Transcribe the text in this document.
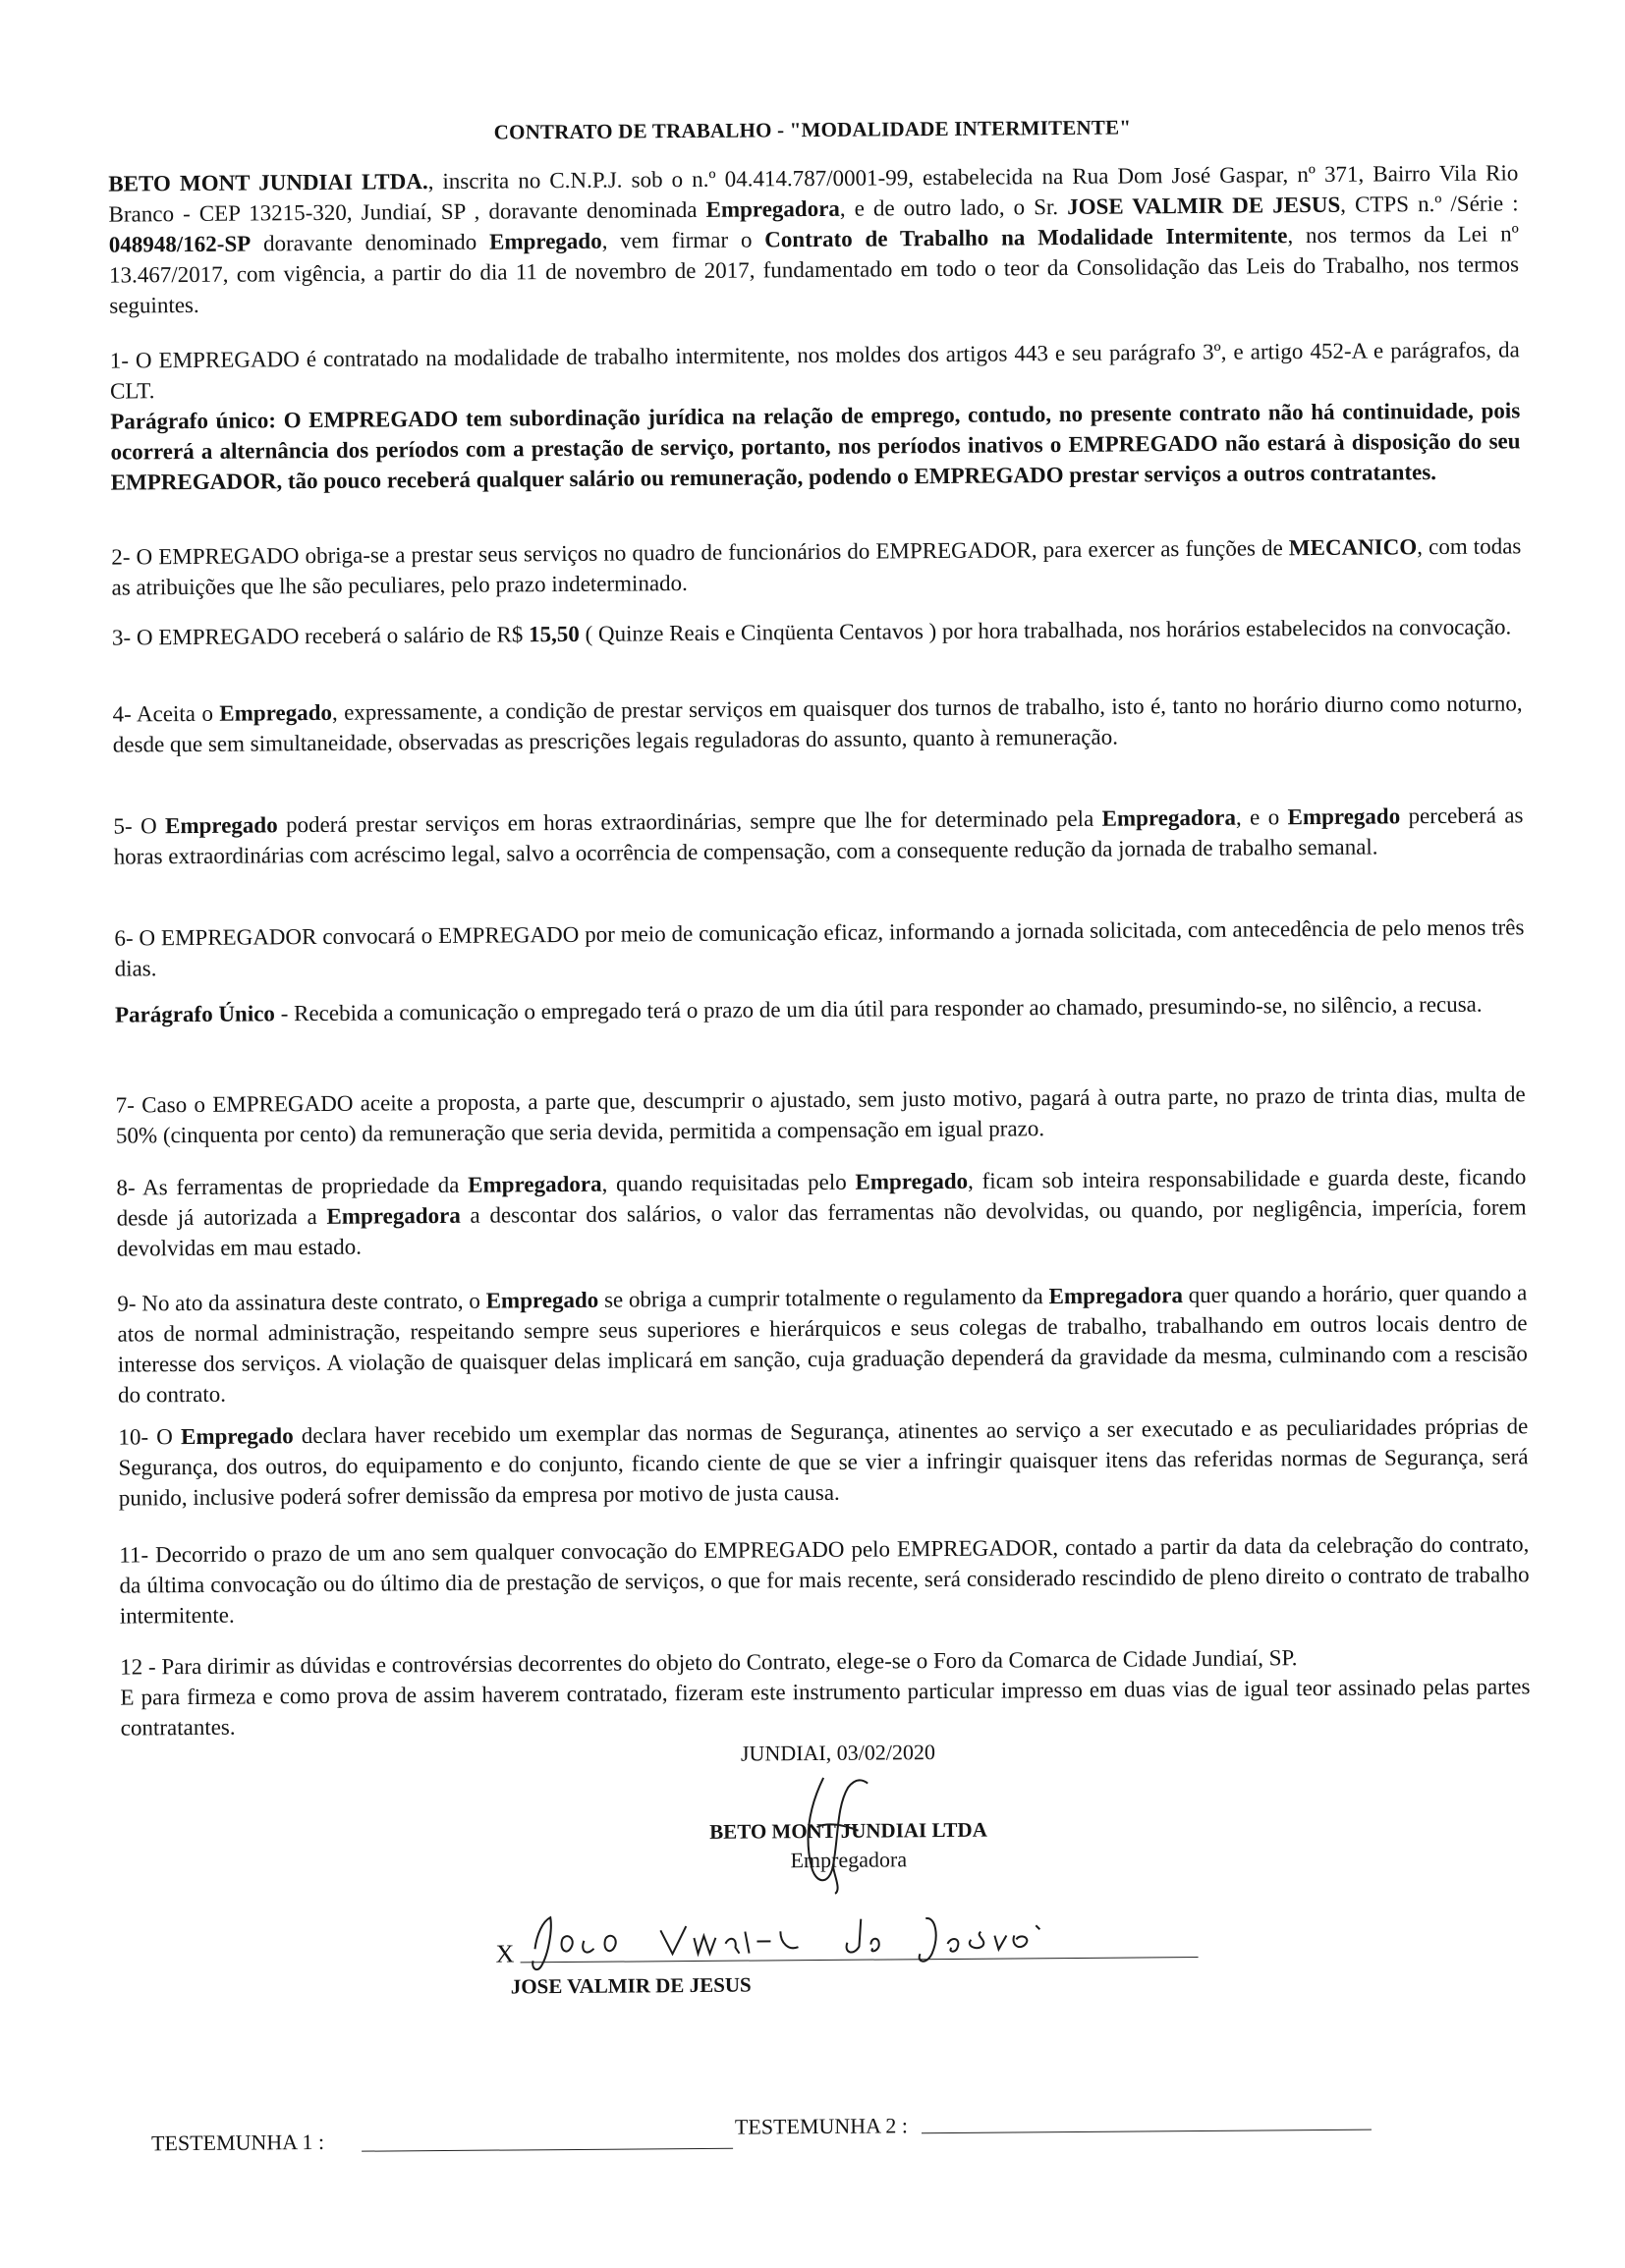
CONTRATO DE TRABALHO - "MODALIDADE INTERMITENTE"
BETO MONT JUNDIAI LTDA., inscrita no C.N.P.J. sob o n.º 04.414.787/0001-99, estabelecida na Rua Dom José Gaspar, nº 371, Bairro Vila Rio Branco - CEP 13215-320, Jundiaí, SP , doravante denominada Empregadora, e de outro lado, o Sr. JOSE VALMIR DE JESUS, CTPS n.º /Série : 048948/162-SP doravante denominado Empregado, vem firmar o Contrato de Trabalho na Modalidade Intermitente, nos termos da Lei nº 13.467/2017, com vigência, a partir do dia 11 de novembro de 2017, fundamentado em todo o teor da Consolidação das Leis do Trabalho, nos termos seguintes.
1- O EMPREGADO é contratado na modalidade de trabalho intermitente, nos moldes dos artigos 443 e seu parágrafo 3º, e artigo 452-A e parágrafos, da CLT.
Parágrafo único: O EMPREGADO tem subordinação jurídica na relação de emprego, contudo, no presente contrato não há continuidade, pois ocorrerá a alternância dos períodos com a prestação de serviço, portanto, nos períodos inativos o EMPREGADO não estará à disposição do seu EMPREGADOR, tão pouco receberá qualquer salário ou remuneração, podendo o EMPREGADO prestar serviços a outros contratantes.
2- O EMPREGADO obriga-se a prestar seus serviços no quadro de funcionários do EMPREGADOR, para exercer as funções de MECANICO, com todas as atribuições que lhe são peculiares, pelo prazo indeterminado.
3- O EMPREGADO receberá o salário de R$ 15,50 ( Quinze Reais e Cinqüenta Centavos ) por hora trabalhada, nos horários estabelecidos na convocação.
4- Aceita o Empregado, expressamente, a condição de prestar serviços em quaisquer dos turnos de trabalho, isto é, tanto no horário diurno como noturno, desde que sem simultaneidade, observadas as prescrições legais reguladoras do assunto, quanto à remuneração.
5- O Empregado poderá prestar serviços em horas extraordinárias, sempre que lhe for determinado pela Empregadora, e o Empregado perceberá as horas extraordinárias com acréscimo legal, salvo a ocorrência de compensação, com a consequente redução da jornada de trabalho semanal.
6- O EMPREGADOR convocará o EMPREGADO por meio de comunicação eficaz, informando a jornada solicitada, com antecedência de pelo menos três dias.
Parágrafo Único - Recebida a comunicação o empregado terá o prazo de um dia útil para responder ao chamado, presumindo-se, no silêncio, a recusa.
7- Caso o EMPREGADO aceite a proposta, a parte que, descumprir o ajustado, sem justo motivo, pagará à outra parte, no prazo de trinta dias, multa de 50% (cinquenta por cento) da remuneração que seria devida, permitida a compensação em igual prazo.
8- As ferramentas de propriedade da Empregadora, quando requisitadas pelo Empregado, ficam sob inteira responsabilidade e guarda deste, ficando desde já autorizada a Empregadora a descontar dos salários, o valor das ferramentas não devolvidas, ou quando, por negligência, imperícia, forem devolvidas em mau estado.
9- No ato da assinatura deste contrato, o Empregado se obriga a cumprir totalmente o regulamento da Empregadora quer quando a horário, quer quando a atos de normal administração, respeitando sempre seus superiores e hierárquicos e seus colegas de trabalho, trabalhando em outros locais dentro de interesse dos serviços. A violação de quaisquer delas implicará em sanção, cuja graduação dependerá da gravidade da mesma, culminando com a rescisão do contrato.
10- O Empregado declara haver recebido um exemplar das normas de Segurança, atinentes ao serviço a ser executado e as peculiaridades próprias de Segurança, dos outros, do equipamento e do conjunto, ficando ciente de que se vier a infringir quaisquer itens das referidas normas de Segurança, será punido, inclusive poderá sofrer demissão da empresa por motivo de justa causa.
11- Decorrido o prazo de um ano sem qualquer convocação do EMPREGADO pelo EMPREGADOR, contado a partir da data da celebração do contrato, da última convocação ou do último dia de prestação de serviços, o que for mais recente, será considerado rescindido de pleno direito o contrato de trabalho intermitente.
12 - Para dirimir as dúvidas e controvérsias decorrentes do objeto do Contrato, elege-se o Foro da Comarca de Cidade Jundiaí, SP.
E para firmeza e como prova de assim haverem contratado, fizeram este instrumento particular impresso em duas vias de igual teor assinado pelas partes contratantes.
JUNDIAI, 03/02/2020
BETO MONT JUNDIAI LTDA
Empregadora
X
JOSE VALMIR DE JESUS
TESTEMUNHA 1 :
TESTEMUNHA 2 :
